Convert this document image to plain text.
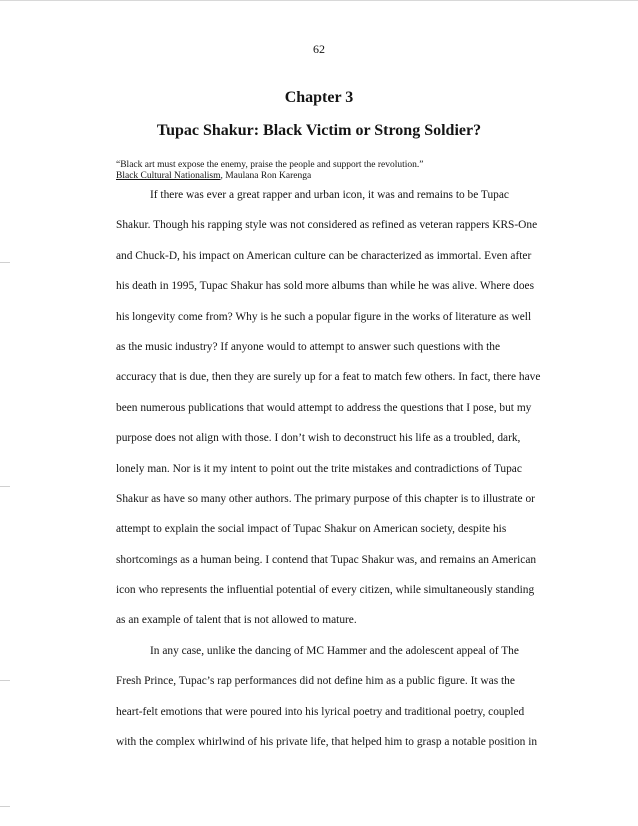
62
Chapter 3
Tupac Shakur: Black Victim or Strong Soldier?
“Black art must expose the enemy, praise the people and support the revolution.”
Black Cultural Nationalism, Maulana Ron Karenga
If there was ever a great rapper and urban icon, it was and remains to be Tupac
Shakur. Though his rapping style was not considered as refined as veteran rappers KRS-One
and Chuck-D, his impact on American culture can be characterized as immortal. Even after
his death in 1995, Tupac Shakur has sold more albums than while he was alive. Where does
his longevity come from? Why is he such a popular figure in the works of literature as well
as the music industry? If anyone would to attempt to answer such questions with the
accuracy that is due, then they are surely up for a feat to match few others. In fact, there have
been numerous publications that would attempt to address the questions that I pose, but my
purpose does not align with those. I don’t wish to deconstruct his life as a troubled, dark,
lonely man. Nor is it my intent to point out the trite mistakes and contradictions of Tupac
Shakur as have so many other authors. The primary purpose of this chapter is to illustrate or
attempt to explain the social impact of Tupac Shakur on American society, despite his
shortcomings as a human being. I contend that Tupac Shakur was, and remains an American
icon who represents the influential potential of every citizen, while simultaneously standing
as an example of talent that is not allowed to mature.
In any case, unlike the dancing of MC Hammer and the adolescent appeal of The
Fresh Prince, Tupac’s rap performances did not define him as a public figure. It was the
heart-felt emotions that were poured into his lyrical poetry and traditional poetry, coupled
with the complex whirlwind of his private life, that helped him to grasp a notable position in
